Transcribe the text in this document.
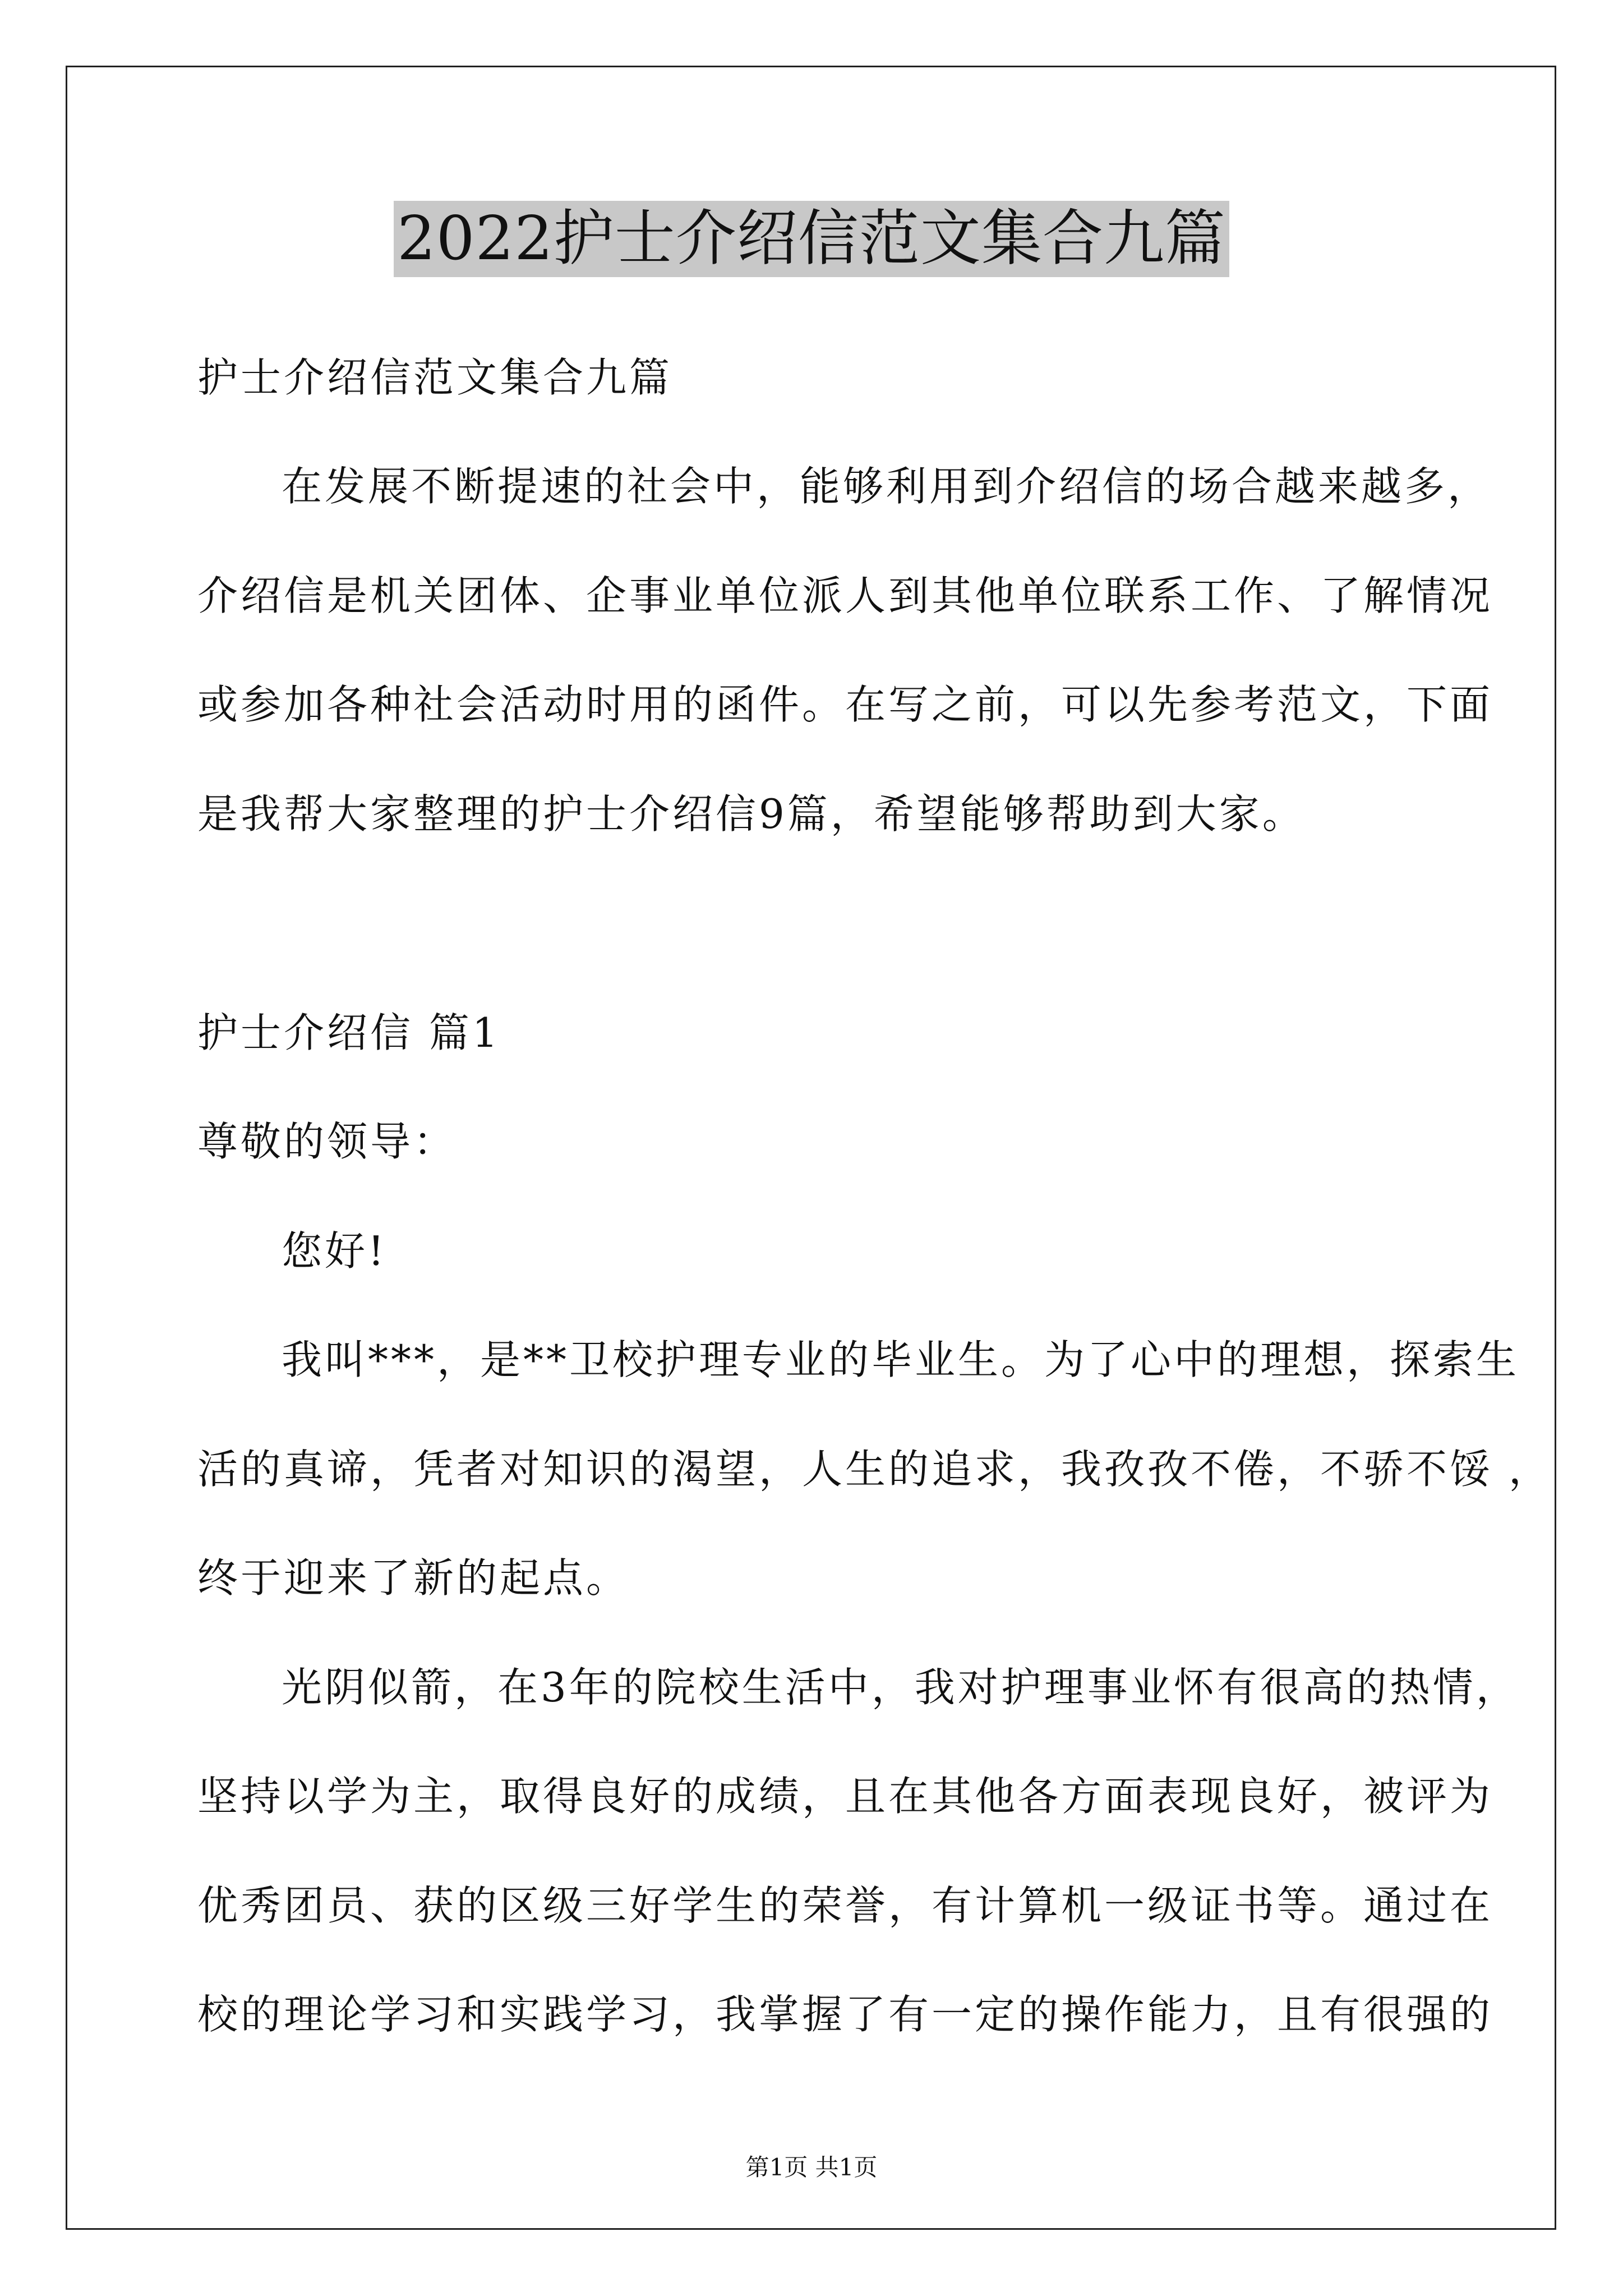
2022护士介绍信范文集合九篇
护士介绍信范文集合九篇
在发展不断提速的社会中，能够利用到介绍信的场合越来越多，
介绍信是机关团体、企事业单位派人到其他单位联系工作、了解情况
或参加各种社会活动时用的函件。在写之前，可以先参考范文，下面
是我帮大家整理的护士介绍信9篇，希望能够帮助到大家。
护士介绍信 篇1
尊敬的领导：
您好!
我叫***，是**卫校护理专业的毕业生。为了心中的理想，探索生
活的真谛，凭者对知识的渴望，人生的追求，我孜孜不倦，不骄不馁 ，
终于迎来了新的起点。
光阴似箭，在3年的院校生活中，我对护理事业怀有很高的热情，
坚持以学为主，取得良好的成绩，且在其他各方面表现良好，被评为
优秀团员、获的区级三好学生的荣誉，有计算机一级证书等。通过在
校的理论学习和实践学习，我掌握了有一定的操作能力，且有很强的
第1页 共1页
